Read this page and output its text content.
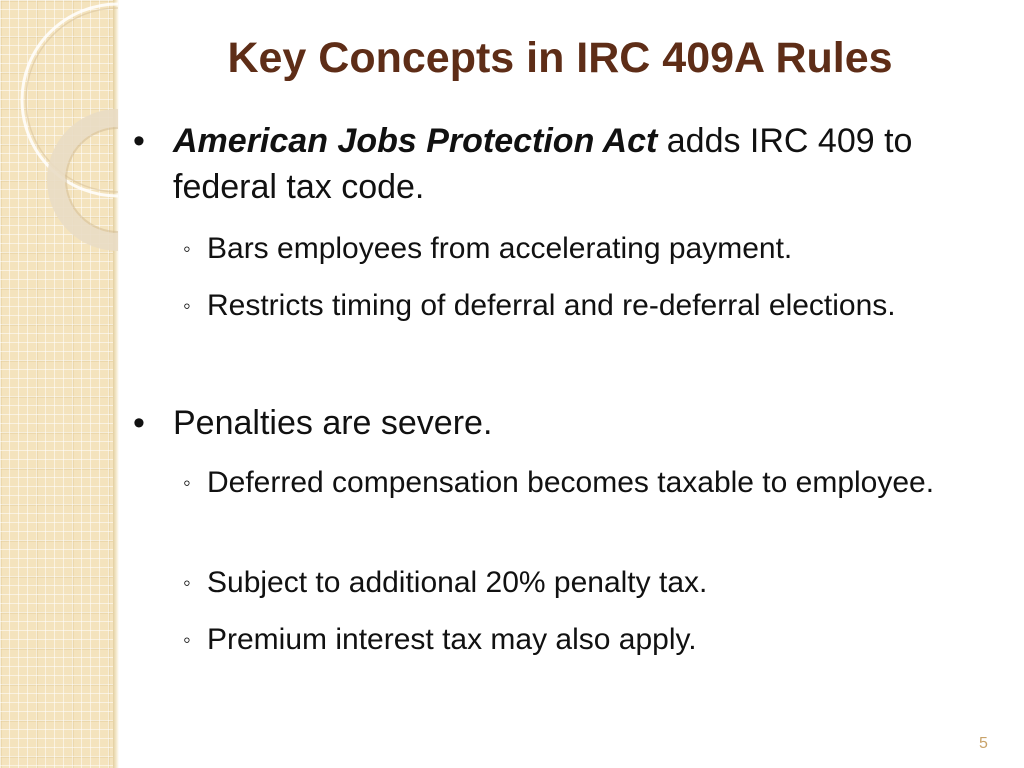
Key Concepts in IRC 409A Rules

• American Jobs Protection Act adds IRC 409 to federal tax code.

◦ Bars employees from accelerating payment.

◦ Restricts timing of deferral and re-deferral elections.

• Penalties are severe.

◦ Deferred compensation becomes taxable to employee.

◦ Subject to additional 20% penalty tax.

◦ Premium interest tax may also apply.

5
